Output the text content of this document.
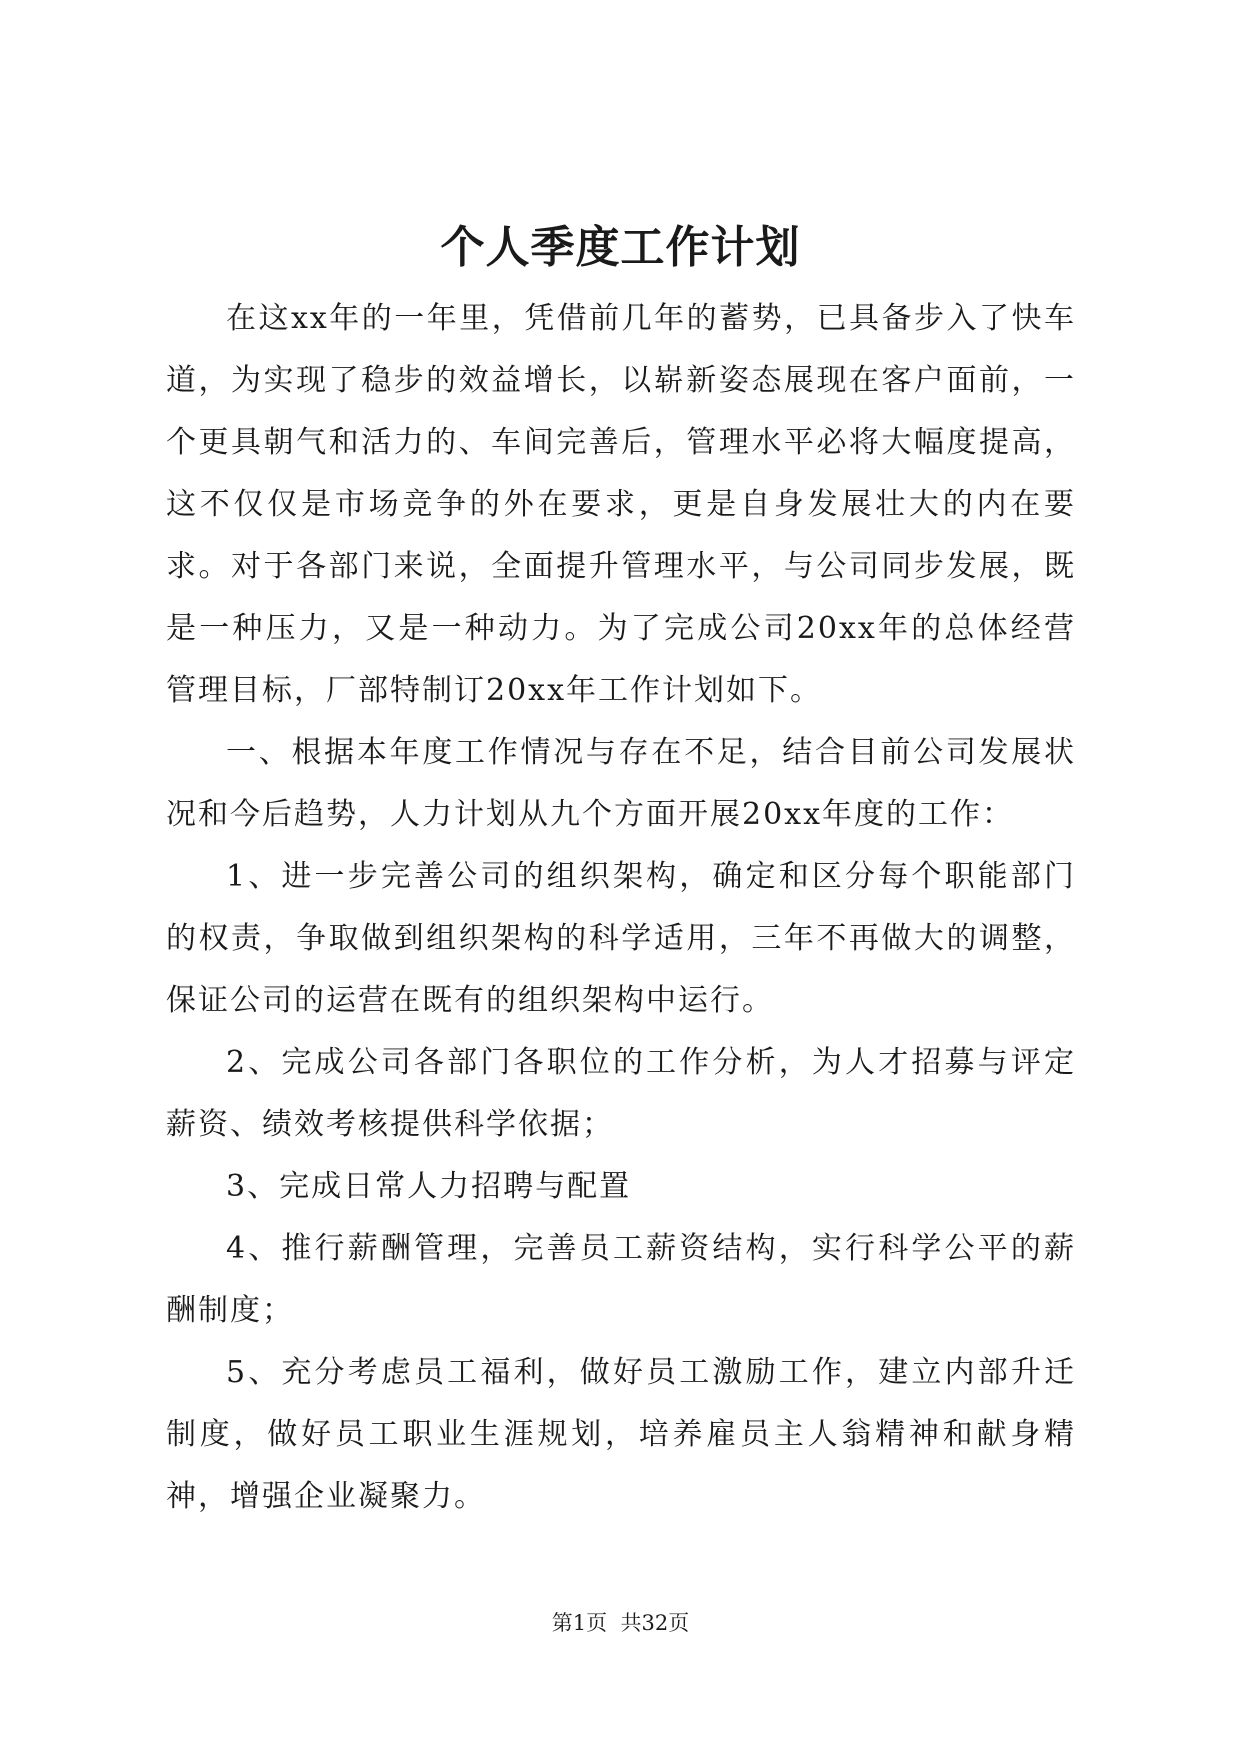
个人季度工作计划

在这xx年的一年里，凭借前几年的蓄势，已具备步入了快车道，为实现了稳步的效益增长，以崭新姿态展现在客户面前，一个更具朝气和活力的、车间完善后，管理水平必将大幅度提高，这不仅仅是市场竞争的外在要求，更是自身发展壮大的内在要求。对于各部门来说，全面提升管理水平，与公司同步发展，既是一种压力，又是一种动力。为了完成公司20xx年的总体经营管理目标，厂部特制订20xx年工作计划如下。

一、根据本年度工作情况与存在不足，结合目前公司发展状况和今后趋势，人力计划从九个方面开展20xx年度的工作：

1、进一步完善公司的组织架构，确定和区分每个职能部门的权责，争取做到组织架构的科学适用，三年不再做大的调整，保证公司的运营在既有的组织架构中运行。

2、完成公司各部门各职位的工作分析，为人才招募与评定薪资、绩效考核提供科学依据；

3、完成日常人力招聘与配置

4、推行薪酬管理，完善员工薪资结构，实行科学公平的薪酬制度；

5、充分考虑员工福利，做好员工激励工作，建立内部升迁制度，做好员工职业生涯规划，培养雇员主人翁精神和献身精神，增强企业凝聚力。

第1页 共32页
